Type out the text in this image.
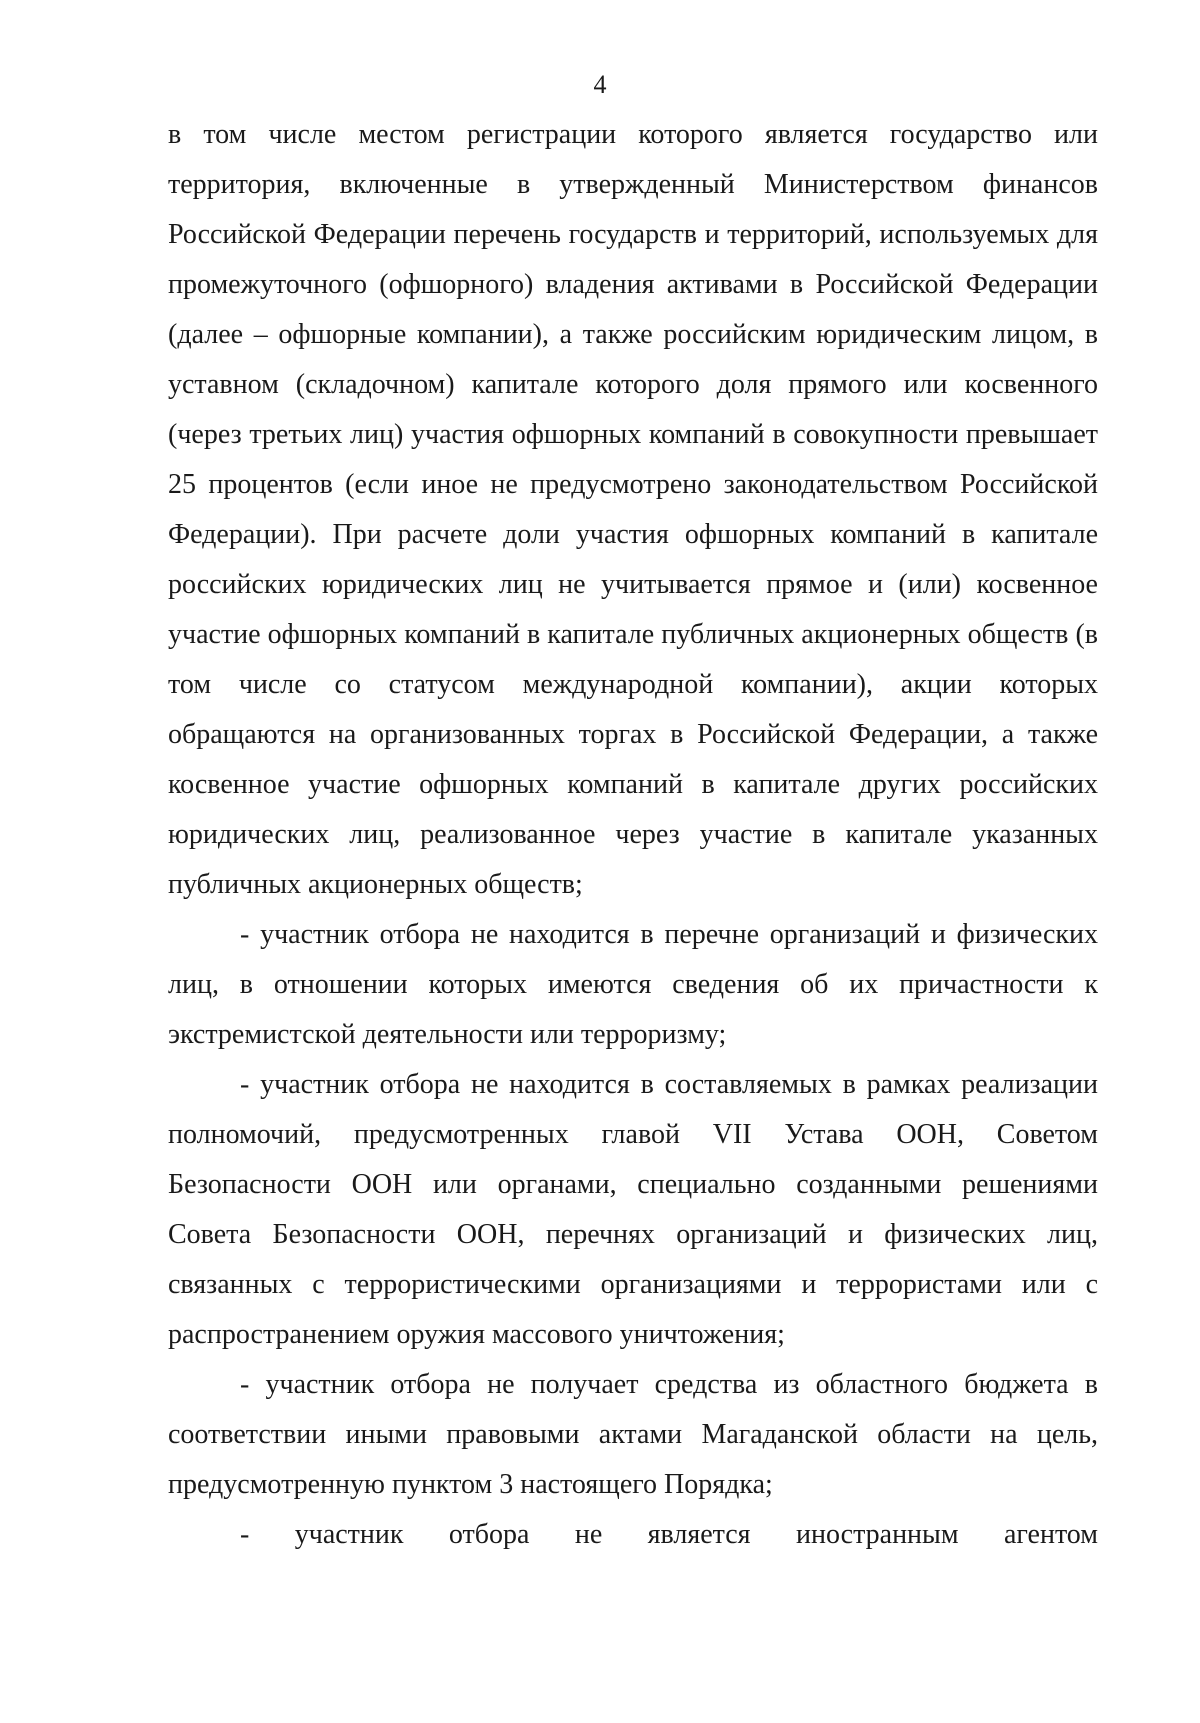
4

в том числе местом регистрации которого является государство или территория, включенные в утвержденный Министерством финансов Российской Федерации перечень государств и территорий, используемых для промежуточного (офшорного) владения активами в Российской Федерации (далее – офшорные компании), а также российским юридическим лицом, в уставном (складочном) капитале которого доля прямого или косвенного (через третьих лиц) участия офшорных компаний в совокупности превышает 25 процентов (если иное не предусмотрено законодательством Российской Федерации). При расчете доли участия офшорных компаний в капитале российских юридических лиц не учитывается прямое и (или) косвенное участие офшорных компаний в капитале публичных акционерных обществ (в том числе со статусом международной компании), акции которых обращаются на организованных торгах в Российской Федерации, а также косвенное участие офшорных компаний в капитале других российских юридических лиц, реализованное через участие в капитале указанных публичных акционерных обществ;

- участник отбора не находится в перечне организаций и физических лиц, в отношении которых имеются сведения об их причастности к экстремистской деятельности или терроризму;

- участник отбора не находится в составляемых в рамках реализации полномочий, предусмотренных главой VII Устава ООН, Советом Безопасности ООН или органами, специально созданными решениями Совета Безопасности ООН, перечнях организаций и физических лиц, связанных с террористическими организациями и террористами или с распространением оружия массового уничтожения;

- участник отбора не получает средства из областного бюджета в соответствии иными правовыми актами Магаданской области на цель, предусмотренную пунктом 3 настоящего Порядка;

- участник отбора не является иностранным агентом
